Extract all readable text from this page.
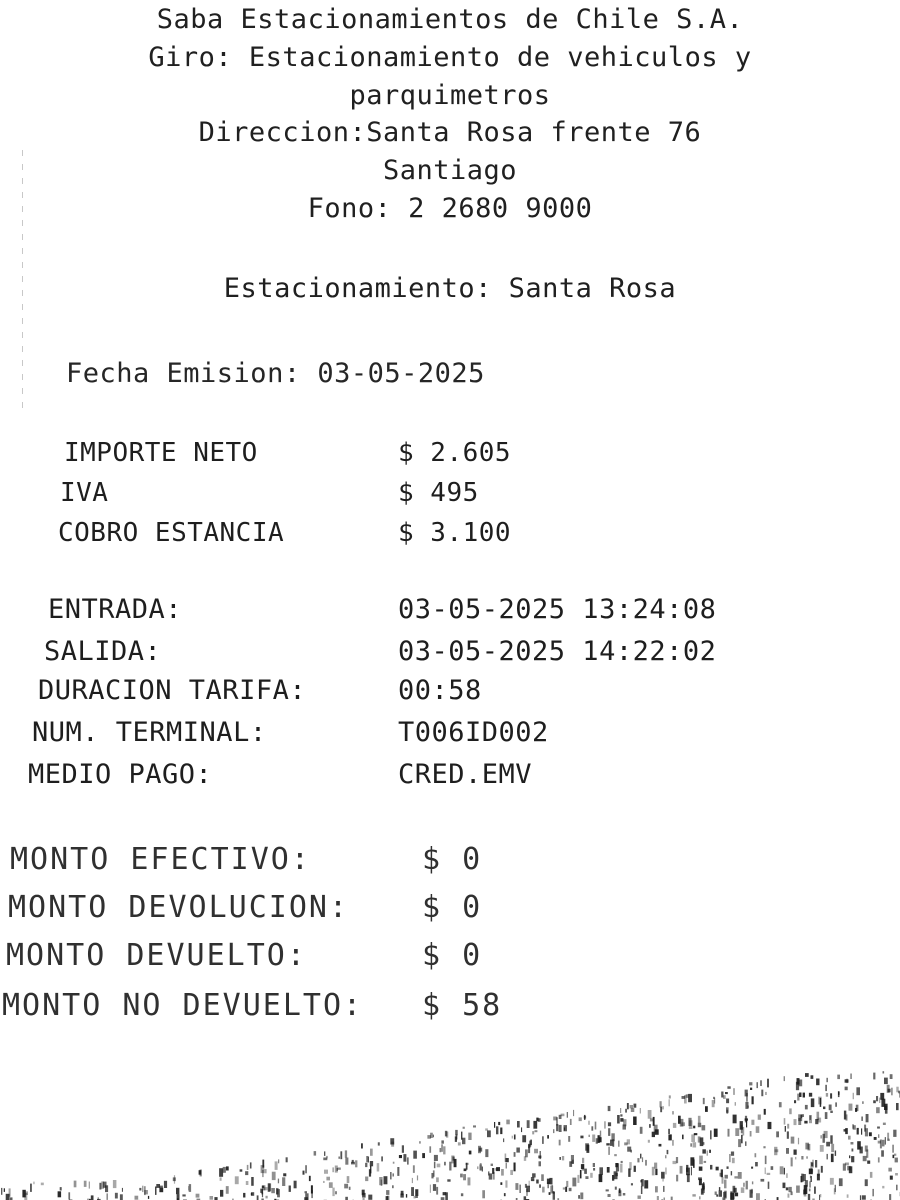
Saba Estacionamientos de Chile S.A.
Giro: Estacionamiento de vehiculos y
parquimetros
Direccion:Santa Rosa frente 76
Santiago
Fono: 2 2680 9000
Estacionamiento: Santa Rosa
Fecha Emision: 03-05-2025
IMPORTE NETO	$ 2.605
IVA	$ 495
COBRO ESTANCIA	$ 3.100
ENTRADA:	03-05-2025 13:24:08
SALIDA:	03-05-2025 14:22:02
DURACION TARIFA:	00:58
NUM. TERMINAL:	T006ID002
MEDIO PAGO:	CRED.EMV
MONTO EFECTIVO:	$ 0
MONTO DEVOLUCION: $ 0
MONTO DEVUELTO:	$ 0
MONTO NO DEVUELTO: $ 58
